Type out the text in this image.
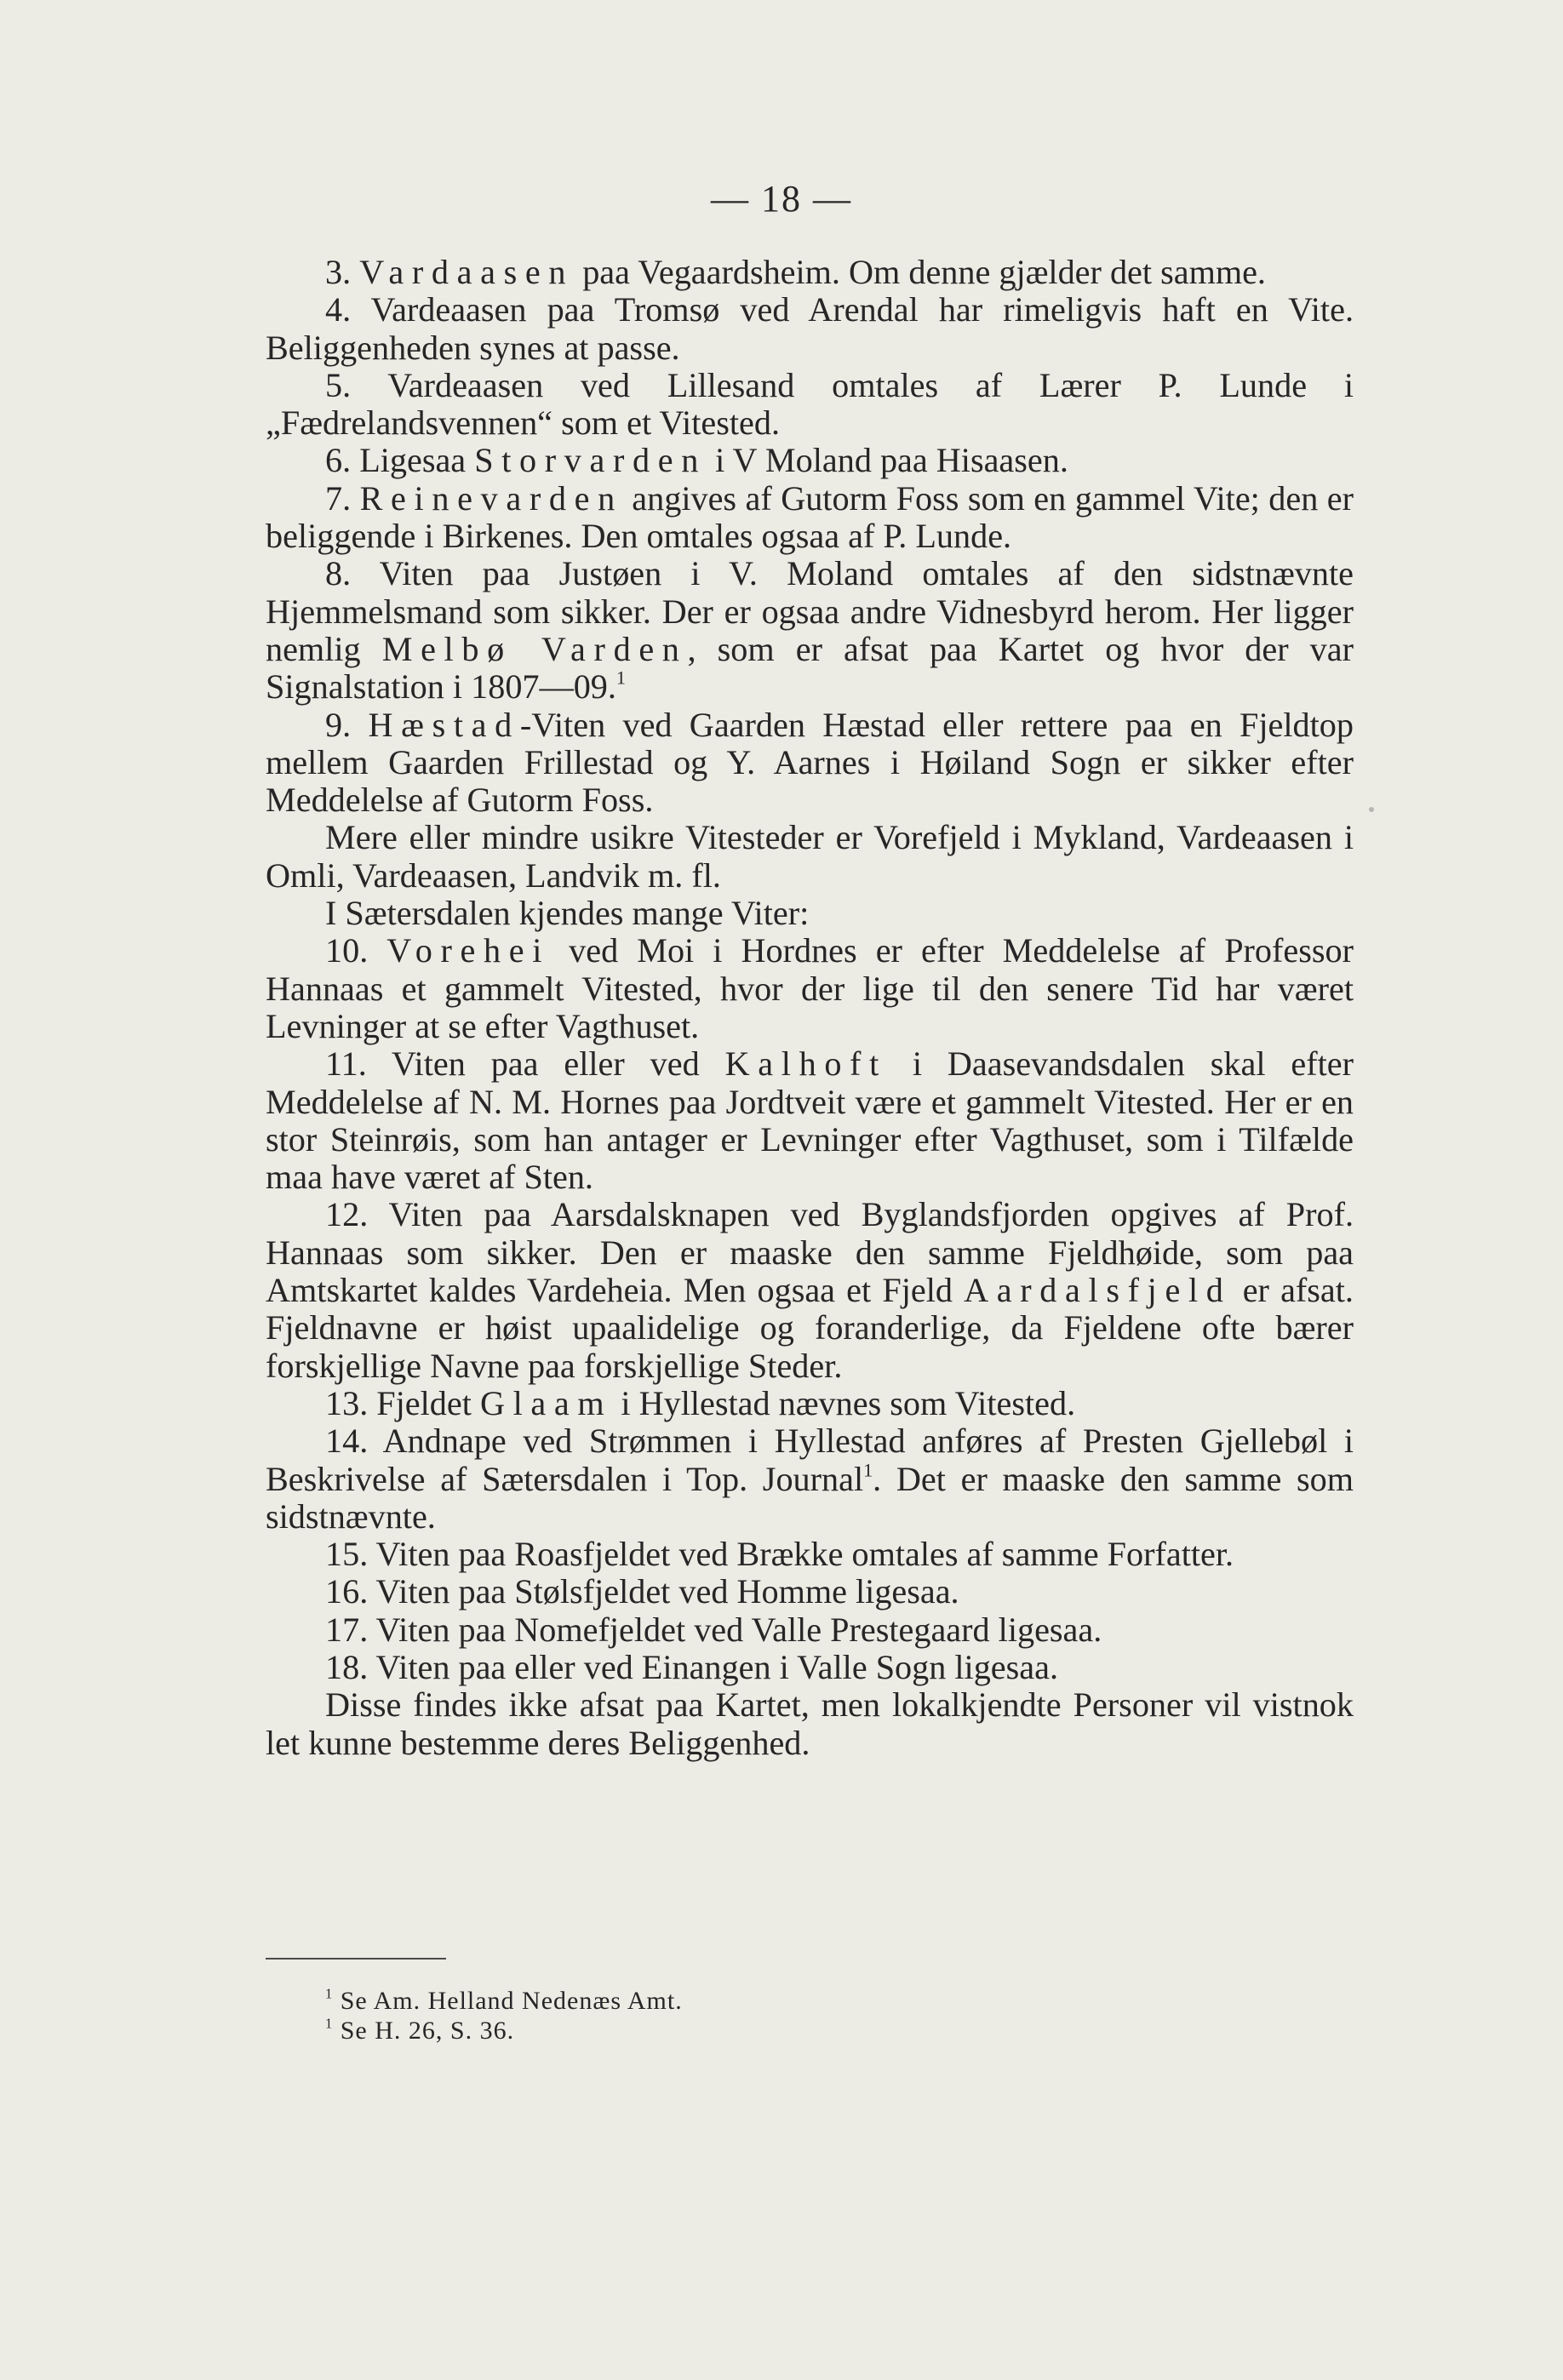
— 18 —

3. Vardaasen paa Vegaardsheim. Om denne gjælder det samme.

4. Vardeaasen paa Tromsø ved Arendal har rimeligvis haft en Vite. Beliggenheden synes at passe.

5. Vardeaasen ved Lillesand omtales af Lærer P. Lunde i „Fædrelandsvennen“ som et Vitested.

6. Ligesaa Storvarden i V Moland paa Hisaasen.

7. Reinevarden angives af Gutorm Foss som en gammel Vite; den er beliggende i Birkenes. Den omtales ogsaa af P. Lunde.

8. Viten paa Justøen i V. Moland omtales af den sidstnævnte Hjemmelsmand som sikker. Der er ogsaa andre Vidnesbyrd herom. Her ligger nemlig Melbø Varden, som er afsat paa Kartet og hvor der var Signalstation i 1807—09.$^1$

9. Hæstad-Viten ved Gaarden Hæstad eller rettere paa en Fjeldtop mellem Gaarden Frillestad og Y. Aarnes i Høiland Sogn er sikker efter Meddelelse af Gutorm Foss.

Mere eller mindre usikre Vitesteder er Vorefjeld i Mykland, Vardeaasen i Omli, Vardeaasen, Landvik m. fl.

I Sætersdalen kjendes mange Viter:

10. Vorehei ved Moi i Hordnes er efter Meddelelse af Professor Hannaas et gammelt Vitested, hvor der lige til den senere Tid har været Levninger at se efter Vagthuset.

11. Viten paa eller ved Kalhoft i Daasevandsdalen skal efter Meddelelse af N. M. Hornes paa Jordtveit være et gammelt Vitested. Her er en stor Steinrøis, som han antager er Levninger efter Vagthuset, som i Tilfælde maa have været af Sten.

12. Viten paa Aarsdalsknapen ved Byglandsfjorden opgives af Prof. Hannaas som sikker. Den er maaske den samme Fjeldhøide, som paa Amtskartet kaldes Vardeheia. Men ogsaa et Fjeld Aardalsfjeld er afsat. Fjeldnavne er høist upaalidelige og foranderlige, da Fjeldene ofte bærer forskjellige Navne paa forskjellige Steder.

13. Fjeldet Glaam i Hyllestad nævnes som Vitested.

14. Andnape ved Strømmen i Hyllestad anføres af Presten Gjellebøl i Beskrivelse af Sætersdalen i Top. Journal$^1$. Det er maaske den samme som sidstnævnte.

15. Viten paa Roasfjeldet ved Brække omtales af samme Forfatter.

16. Viten paa Stølsfjeldet ved Homme ligesaa.

17. Viten paa Nomefjeldet ved Valle Prestegaard ligesaa.

18. Viten paa eller ved Einangen i Valle Sogn ligesaa.

Disse findes ikke afsat paa Kartet, men lokalkjendte Personer vil vistnok let kunne bestemme deres Beliggenhed.

$^1$ Se Am. Helland Nedenæs Amt.

$^1$ Se H. 26, S. 36.
